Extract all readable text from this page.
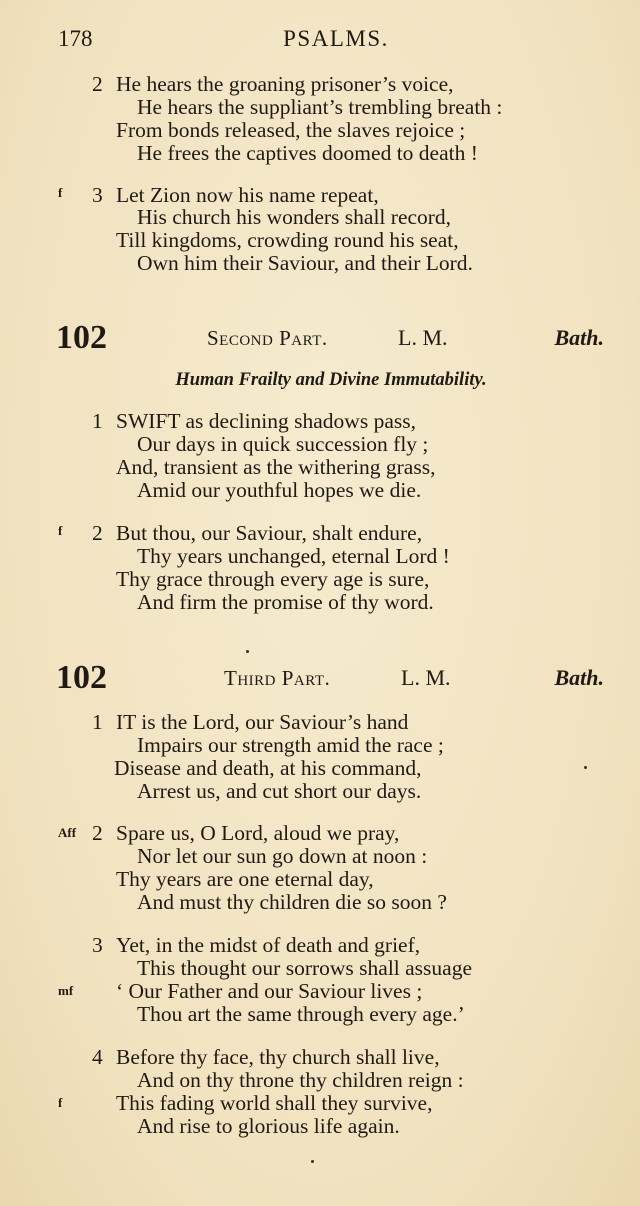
178	PSALMS.
2 He hears the groaning prisoner’s voice,
He hears the suppliant’s trembling breath :
From bonds released, the slaves rejoice ;
He frees the captives doomed to death !
f 3 Let Zion now his name repeat,
His church his wonders shall record,
Till kingdoms, crowding round his seat,
Own him their Saviour, and their Lord.
102	Second Part.	L. M.	Bath.
Human Frailty and Divine Immutability.
1 SWIFT as declining shadows pass,
Our days in quick succession fly ;
And, transient as the withering grass,
Amid our youthful hopes we die.
f 2 But thou, our Saviour, shalt endure,
Thy years unchanged, eternal Lord !
Thy grace through every age is sure,
And firm the promise of thy word.
102	Third Part.	L. M.	Bath.
1 IT is the Lord, our Saviour’s hand
Impairs our strength amid the race ;
Disease and death, at his command,
Arrest us, and cut short our days.
Aff 2 Spare us, O Lord, aloud we pray,
Nor let our sun go down at noon :
Thy years are one eternal day,
And must thy children die so soon ?
3 Yet, in the midst of death and grief,
This thought our sorrows shall assuage
mf ‘ Our Father and our Saviour lives ;
Thou art the same through every age.’
4 Before thy face, thy church shall live,
And on thy throne thy children reign :
f This fading world shall they survive,
And rise to glorious life again.
